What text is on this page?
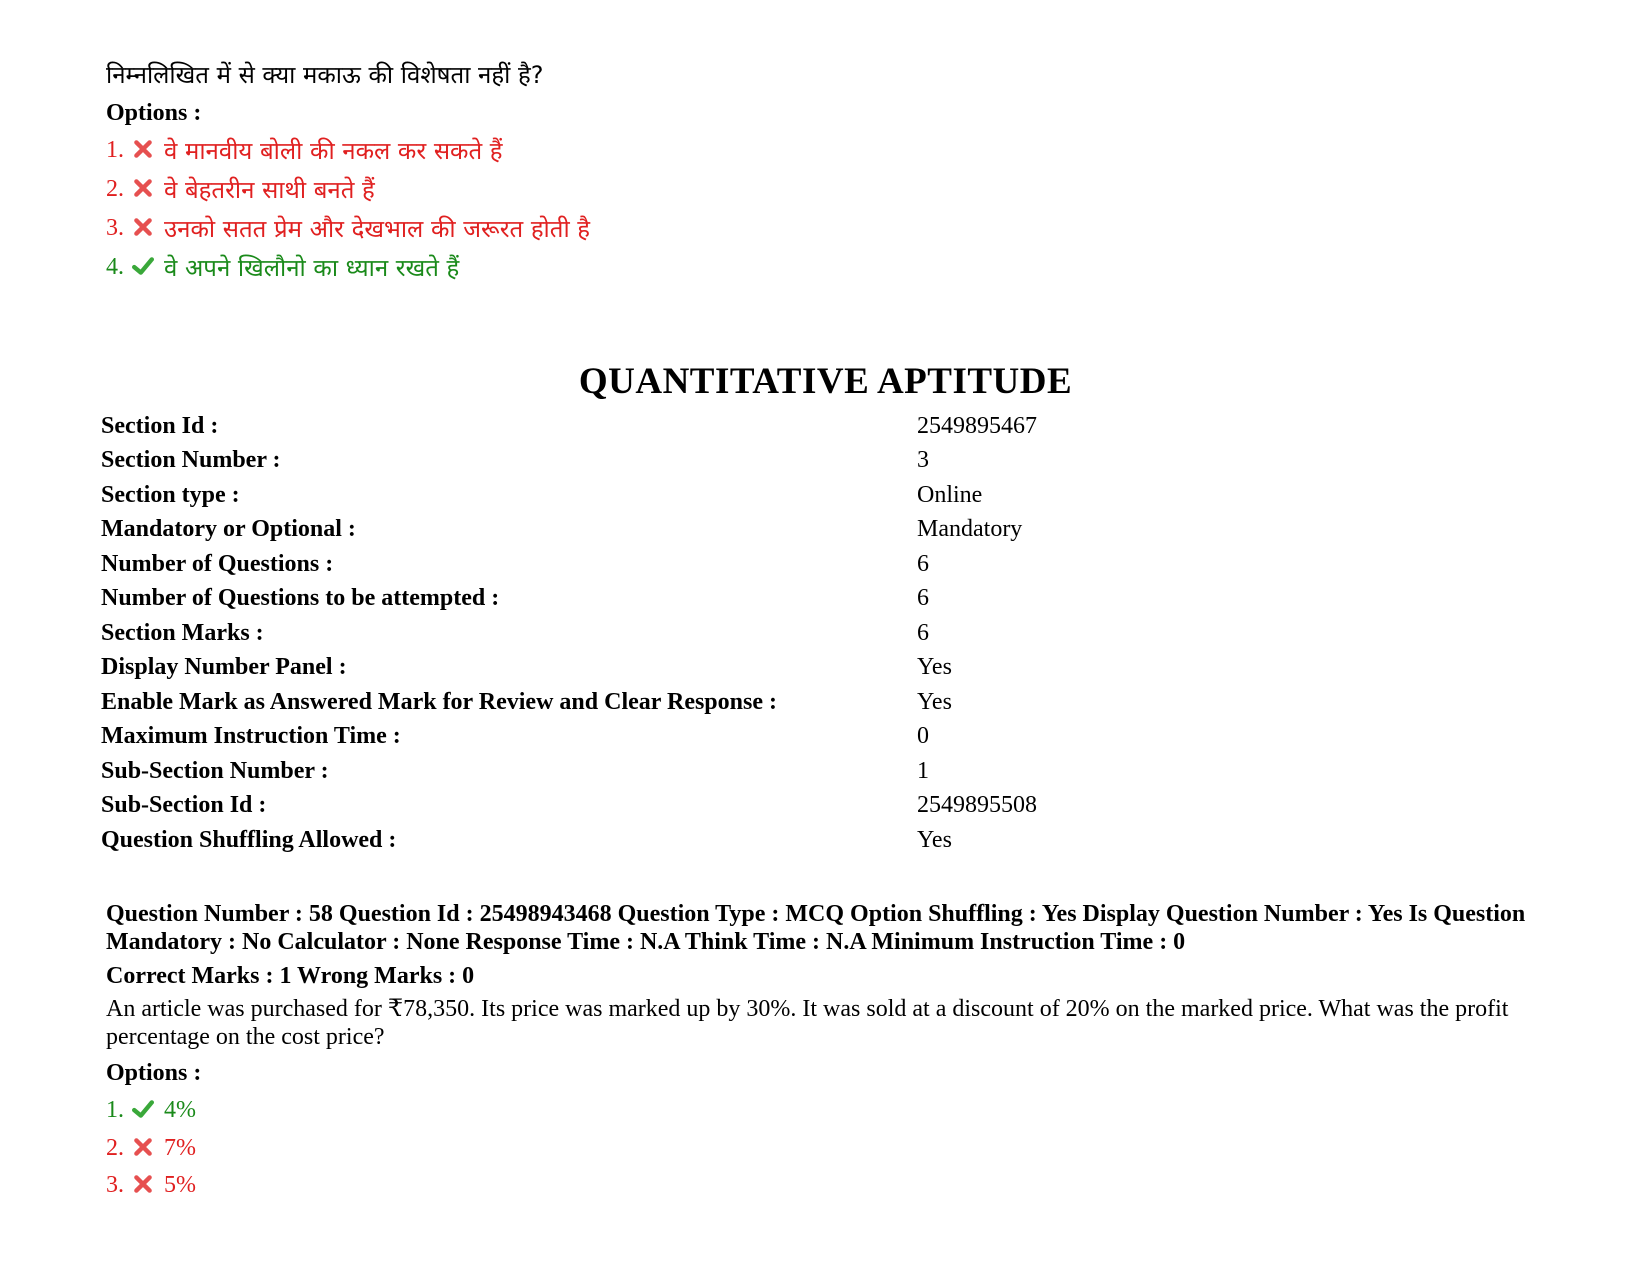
निम्नलिखित में से क्या मकाऊ की विशेषता नहीं है?
Options :
1.	वे मानवीय बोली की नकल कर सकते हैं
2.	वे बेहतरीन साथी बनते हैं
3.	उनको सतत प्रेम और देखभाल की जरूरत होती है
4.	वे अपने खिलौनो का ध्यान रखते हैं
QUANTITATIVE APTITUDE
Section Id :	2549895467
Section Number :	3
Section type :	Online
Mandatory or Optional :	Mandatory
Number of Questions :	6
Number of Questions to be attempted :	6
Section Marks :	6
Display Number Panel :	Yes
Enable Mark as Answered Mark for Review and Clear Response :	Yes
Maximum Instruction Time :	0
Sub-Section Number :	1
Sub-Section Id :	2549895508
Question Shuffling Allowed :	Yes
Question Number : 58 Question Id : 25498943468 Question Type : MCQ Option Shuffling : Yes Display Question Number : Yes Is Question Mandatory : No Calculator : None Response Time : N.A Think Time : N.A Minimum Instruction Time : 0
Correct Marks : 1 Wrong Marks : 0
An article was purchased for ₹78,350. Its price was marked up by 30%. It was sold at a discount of 20% on the marked price. What was the profit percentage on the cost price?
Options :
1.	4%
2.	7%
3.	5%
